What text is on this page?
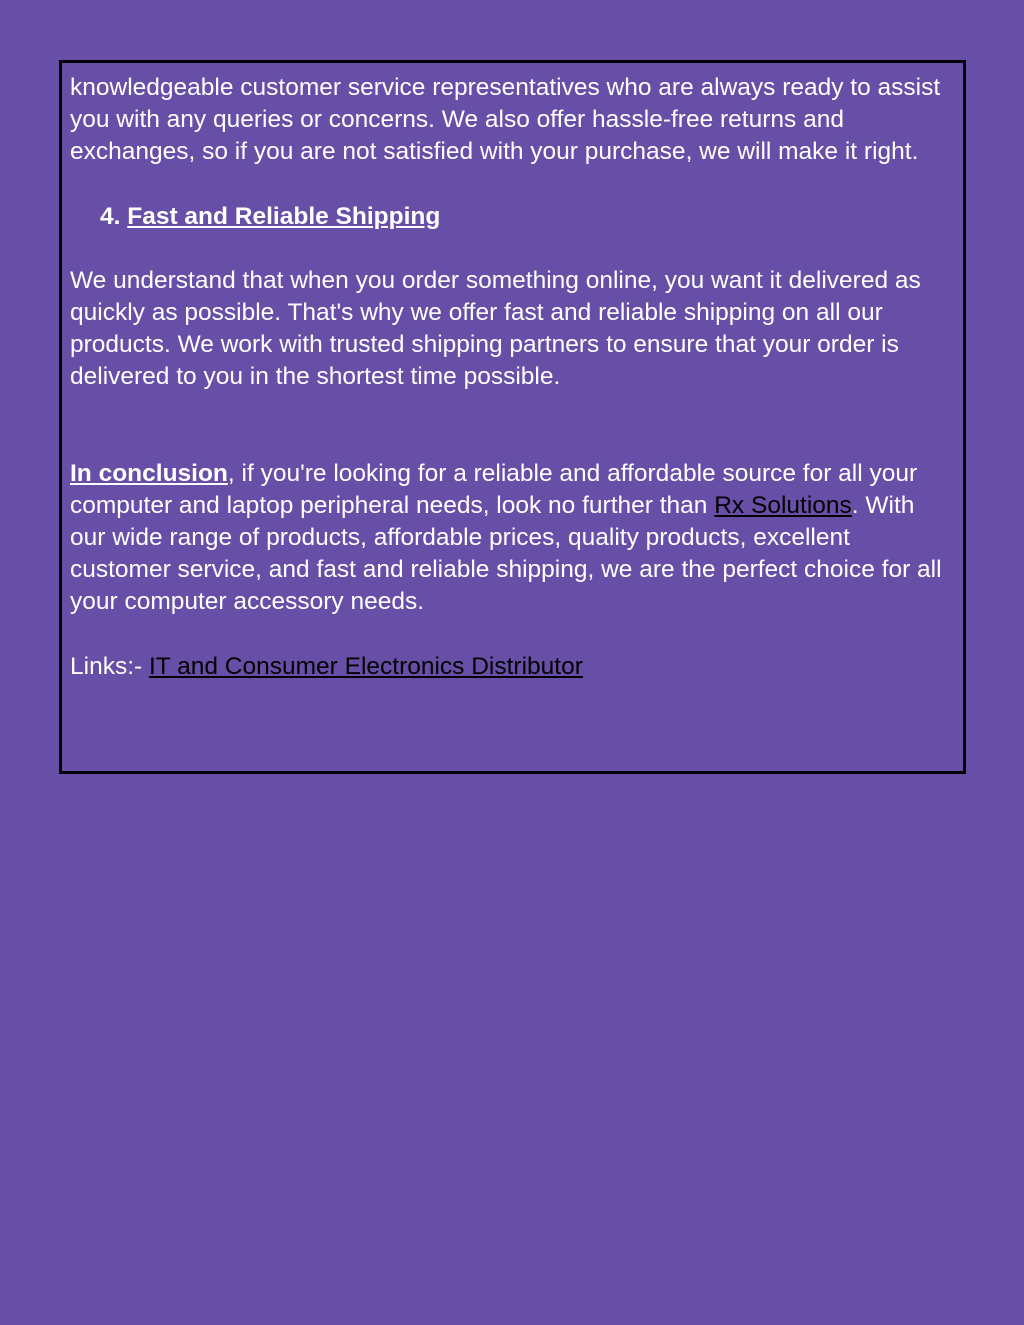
knowledgeable customer service representatives who are always ready to assist you with any queries or concerns. We also offer hassle-free returns and exchanges, so if you are not satisfied with your purchase, we will make it right.

4. Fast and Reliable Shipping

We understand that when you order something online, you want it delivered as quickly as possible. That's why we offer fast and reliable shipping on all our products. We work with trusted shipping partners to ensure that your order is delivered to you in the shortest time possible.

In conclusion, if you're looking for a reliable and affordable source for all your computer and laptop peripheral needs, look no further than Rx Solutions. With our wide range of products, affordable prices, quality products, excellent customer service, and fast and reliable shipping, we are the perfect choice for all your computer accessory needs.

Links:- IT and Consumer Electronics Distributor
